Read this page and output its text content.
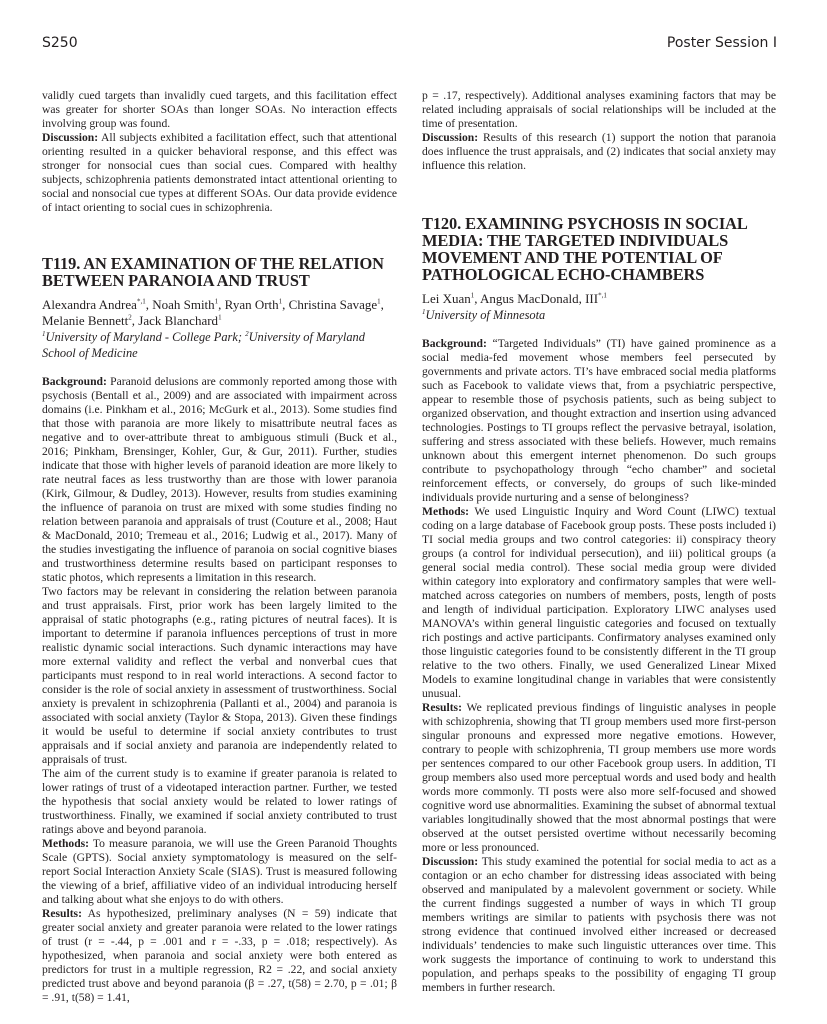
S250	Poster Session I

validly cued targets than invalidly cued targets, and this facilitation effect was greater for shorter SOAs than longer SOAs. No interaction effects involving group was found.

Discussion: All subjects exhibited a facilitation effect, such that attentional orienting resulted in a quicker behavioral response, and this effect was stronger for nonsocial cues than social cues. Compared with healthy subjects, schizophrenia patients demonstrated intact attentional orienting to social and nonsocial cue types at different SOAs. Our data provide evidence of intact orienting to social cues in schizophrenia.

T119. AN EXAMINATION OF THE RELATION BETWEEN PARANOIA AND TRUST
Alexandra Andrea$^{*,1}$, Noah Smith$^1$, Ryan Orth$^1$, Christina Savage$^1$, Melanie Bennett$^2$, Jack Blanchard$^1$
$^1$University of Maryland - College Park; $^2$University of Maryland School of Medicine

Background: Paranoid delusions are commonly reported among those with psychosis (Bentall et al., 2009) and are associated with impairment across domains (i.e. Pinkham et al., 2016; McGurk et al., 2013). Some studies find that those with paranoia are more likely to misattribute neutral faces as negative and to over-attribute threat to ambiguous stimuli (Buck et al., 2016; Pinkham, Brensinger, Kohler, Gur, & Gur, 2011). Further, studies indicate that those with higher levels of paranoid ideation are more likely to rate neutral faces as less trustworthy than are those with lower paranoia (Kirk, Gilmour, & Dudley, 2013). However, results from studies examining the influence of paranoia on trust are mixed with some studies finding no relation between paranoia and appraisals of trust (Couture et al., 2008; Haut & MacDonald, 2010; Tremeau et al., 2016; Ludwig et al., 2017). Many of the studies investigating the influence of paranoia on social cognitive biases and trustworthiness determine results based on participant responses to static photos, which represents a limitation in this research.

Two factors may be relevant in considering the relation between paranoia and trust appraisals. First, prior work has been largely limited to the appraisal of static photographs (e.g., rating pictures of neutral faces). It is important to determine if paranoia influences perceptions of trust in more realistic dynamic social interactions. Such dynamic interactions may have more external validity and reflect the verbal and nonverbal cues that participants must respond to in real world interactions. A second factor to consider is the role of social anxiety in assessment of trustworthiness. Social anxiety is prevalent in schizophrenia (Pallanti et al., 2004) and paranoia is associated with social anxiety (Taylor & Stopa, 2013). Given these findings it would be useful to determine if social anxiety contributes to trust appraisals and if social anxiety and paranoia are independently related to appraisals of trust.

The aim of the current study is to examine if greater paranoia is related to lower ratings of trust of a videotaped interaction partner. Further, we tested the hypothesis that social anxiety would be related to lower ratings of trustworthiness. Finally, we examined if social anxiety contributed to trust ratings above and beyond paranoia.

Methods: To measure paranoia, we will use the Green Paranoid Thoughts Scale (GPTS). Social anxiety symptomatology is measured on the self-report Social Interaction Anxiety Scale (SIAS). Trust is measured following the viewing of a brief, affiliative video of an individual introducing herself and talking about what she enjoys to do with others.

Results: As hypothesized, preliminary analyses (N = 59) indicate that greater social anxiety and greater paranoia were related to the lower ratings of trust (r = -.44, p = .001 and r = -.33, p = .018; respectively). As hypothesized, when paranoia and social anxiety were both entered as predictors for trust in a multiple regression, R2 = .22, and social anxiety predicted trust above and beyond paranoia (β = .27, t(58) = 2.70, p = .01; β = .91, t(58) = 1.41,

p = .17, respectively). Additional analyses examining factors that may be related including appraisals of social relationships will be included at the time of presentation.

Discussion: Results of this research (1) support the notion that paranoia does influence the trust appraisals, and (2) indicates that social anxiety may influence this relation.

T120. EXAMINING PSYCHOSIS IN SOCIAL MEDIA: THE TARGETED INDIVIDUALS MOVEMENT AND THE POTENTIAL OF PATHOLOGICAL ECHO-CHAMBERS
Lei Xuan$^1$, Angus MacDonald, $III^{*,1}$
$^1$University of Minnesota

Background: “Targeted Individuals” (TI) have gained prominence as a social media-fed movement whose members feel persecuted by governments and private actors. TI’s have embraced social media platforms such as Facebook to validate views that, from a psychiatric perspective, appear to resemble those of psychosis patients, such as being subject to organized observation, and thought extraction and insertion using advanced technologies. Postings to TI groups reflect the pervasive betrayal, isolation, suffering and stress associated with these beliefs. However, much remains unknown about this emergent internet phenomenon. Do such groups contribute to psychopathology through “echo chamber” and societal reinforcement effects, or conversely, do groups of such like-minded individuals provide nurturing and a sense of belonginess?

Methods: We used Linguistic Inquiry and Word Count (LIWC) textual coding on a large database of Facebook group posts. These posts included i) TI social media groups and two control categories: ii) conspiracy theory groups (a control for individual persecution), and iii) political groups (a general social media control). These social media group were divided within category into exploratory and confirmatory samples that were well-matched across categories on numbers of members, posts, length of posts and length of individual participation. Exploratory LIWC analyses used MANOVA’s within general linguistic categories and focused on textually rich postings and active participants. Confirmatory analyses examined only those linguistic categories found to be consistently different in the TI group relative to the two others. Finally, we used Generalized Linear Mixed Models to examine longitudinal change in variables that were consistently unusual.

Results: We replicated previous findings of linguistic analyses in people with schizophrenia, showing that TI group members used more first-person singular pronouns and expressed more negative emotions. However, contrary to people with schizophrenia, TI group members use more words per sentences compared to our other Facebook group users. In addition, TI group members also used more perceptual words and used body and health words more commonly. TI posts were also more self-focused and showed cognitive word use abnormalities. Examining the subset of abnormal textual variables longitudinally showed that the most abnormal postings that were observed at the outset persisted overtime without necessarily becoming more or less pronounced.

Discussion: This study examined the potential for social media to act as a contagion or an echo chamber for distressing ideas associated with being observed and manipulated by a malevolent government or society. While the current findings suggested a number of ways in which TI group members writings are similar to patients with psychosis there was not strong evidence that continued involved either increased or decreased individuals’ tendencies to make such linguistic utterances over time. This work suggests the importance of continuing to work to understand this population, and perhaps speaks to the possibility of engaging TI group members in further research.
